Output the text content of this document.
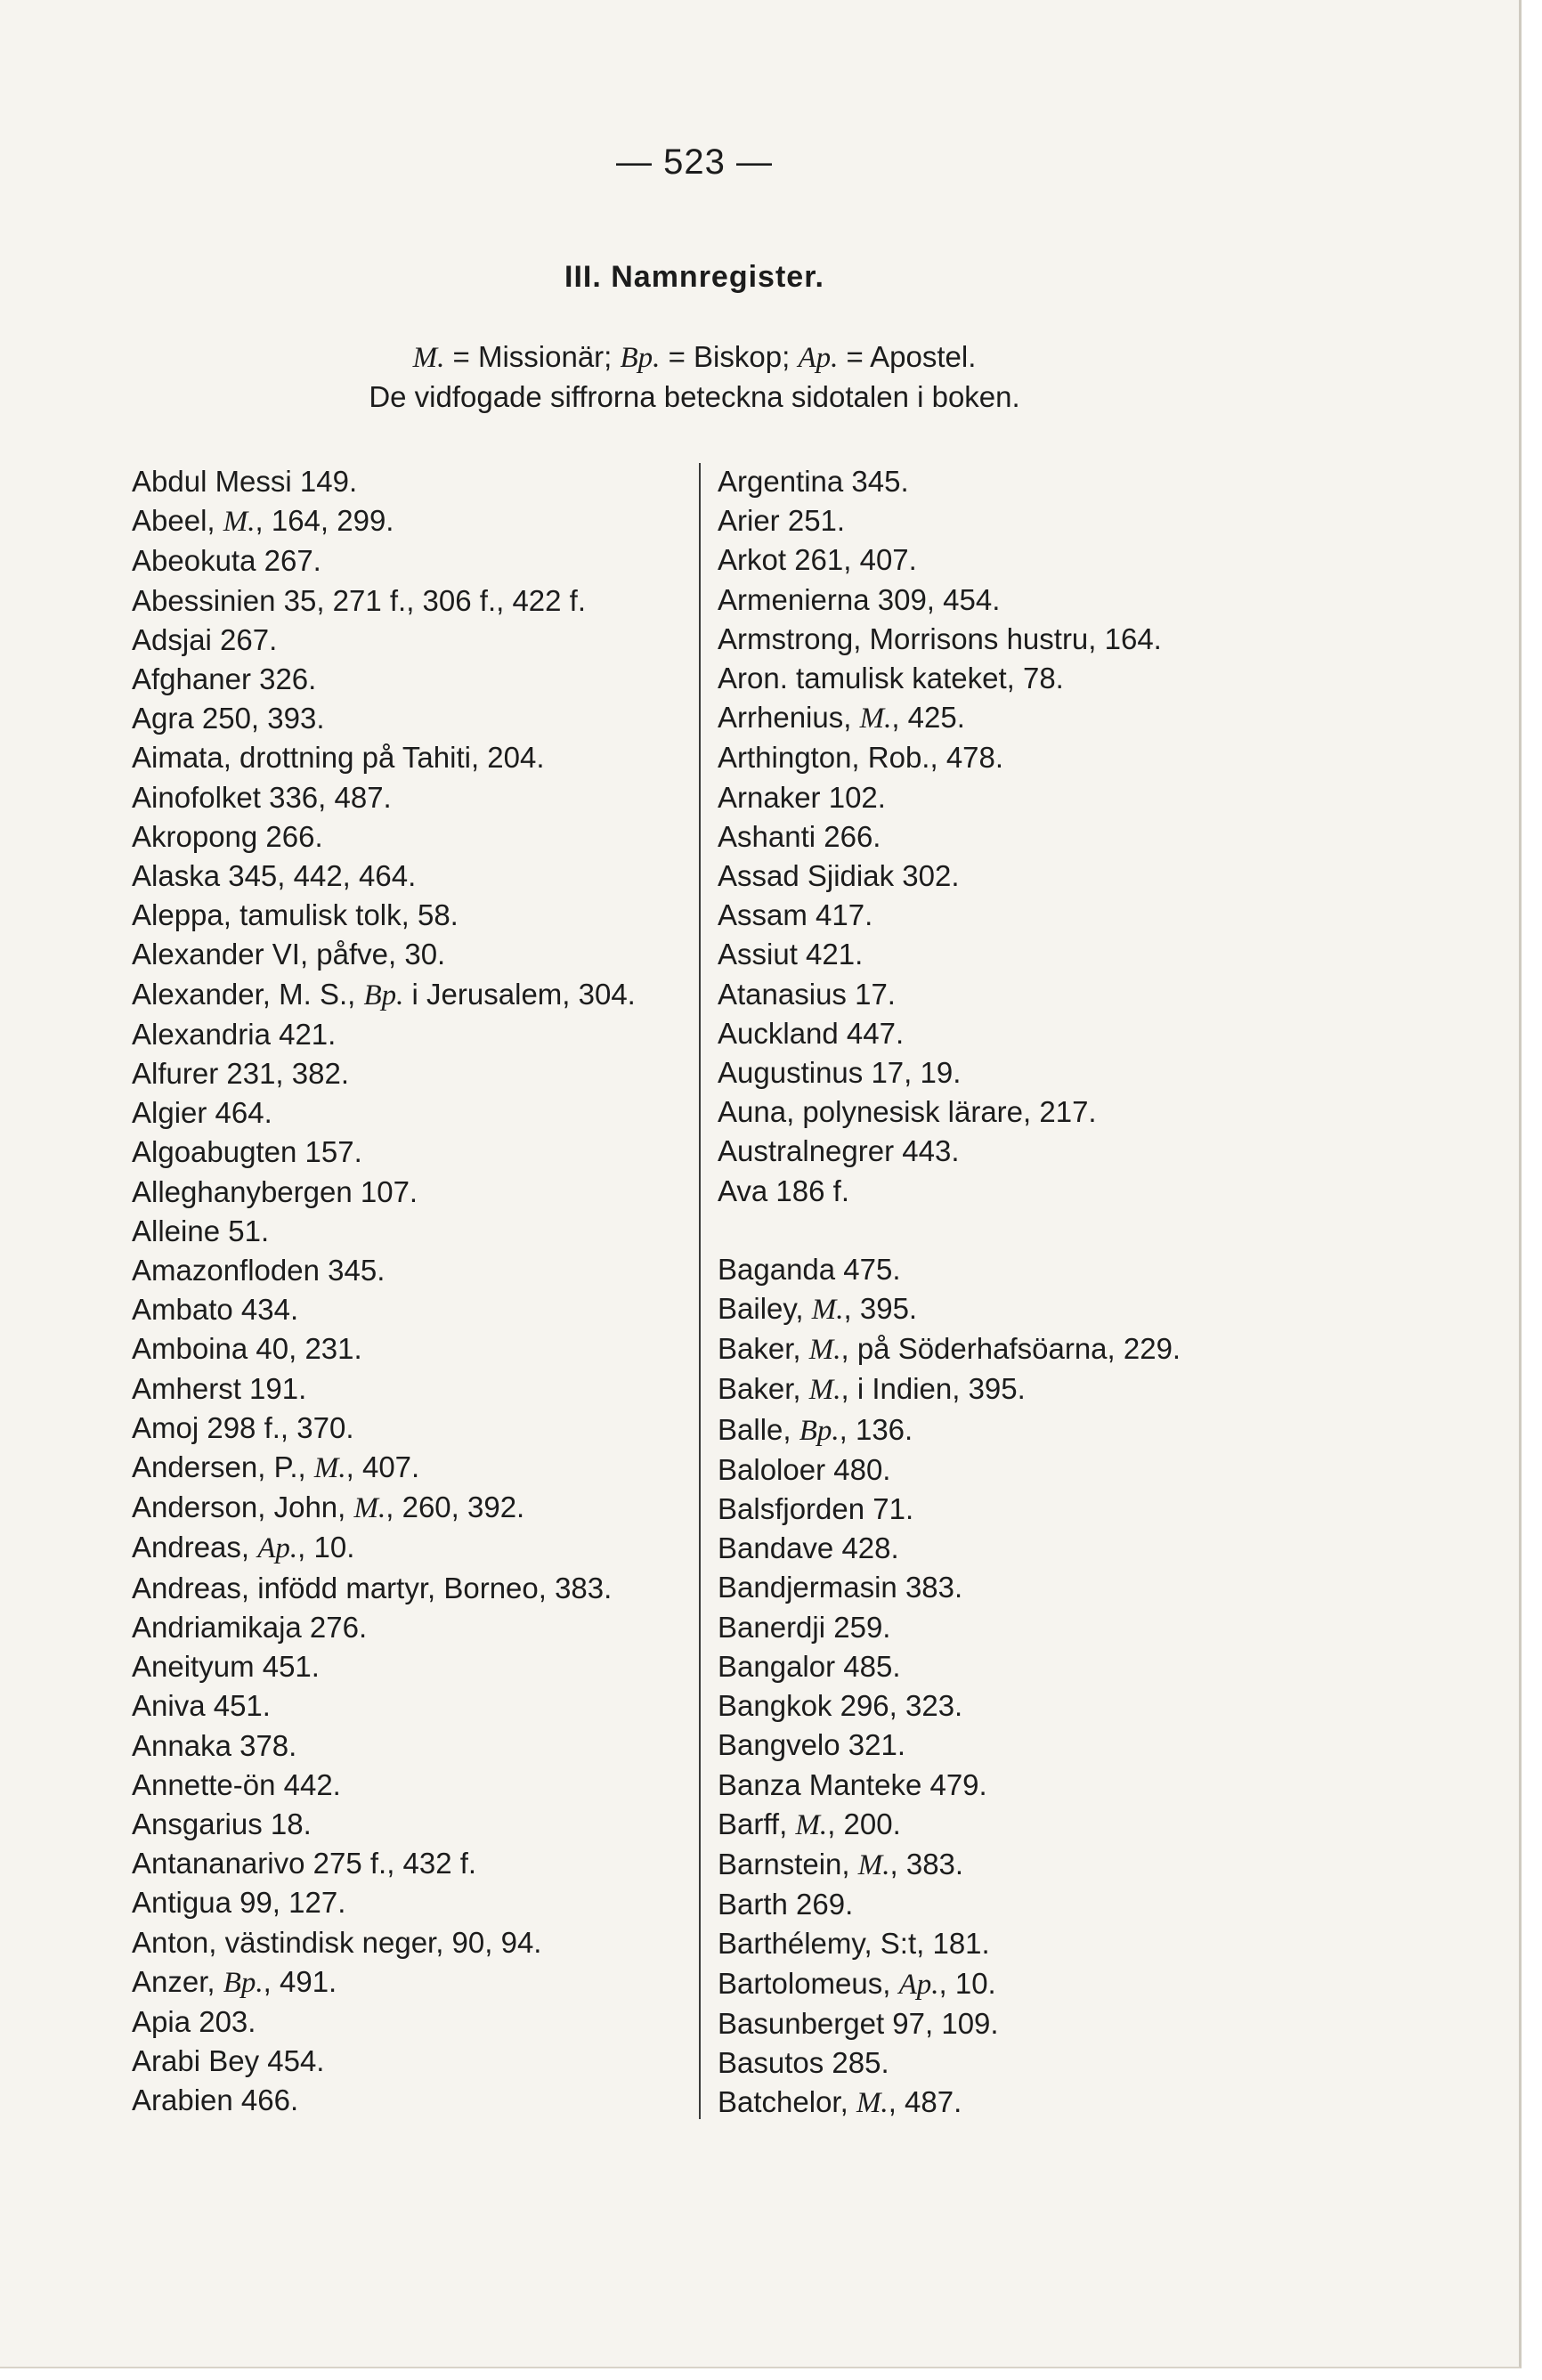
— 523 —
III. Namnregister.
M. = Missionär; Bp. = Biskop; Ap. = Apostel.
De vidfogade siffrorna beteckna sidotalen i boken.
Abdul Messi 149.
Abeel, M., 164, 299.
Abeokuta 267.
Abessinien 35, 271 f., 306 f., 422 f.
Adsjai 267.
Afghaner 326.
Agra 250, 393.
Aimata, drottning på Tahiti, 204.
Ainofolket 336, 487.
Akropong 266.
Alaska 345, 442, 464.
Aleppa, tamulisk tolk, 58.
Alexander VI, påfve, 30.
Alexander, M. S., Bp. i Jerusalem, 304.
Alexandria 421.
Alfurer 231, 382.
Algier 464.
Algoabugten 157.
Alleghanybergen 107.
Alleine 51.
Amazonfloden 345.
Ambato 434.
Amboina 40, 231.
Amherst 191.
Amoj 298 f., 370.
Andersen, P., M., 407.
Anderson, John, M., 260, 392.
Andreas, Ap., 10.
Andreas, infödd martyr, Borneo, 383.
Andriamikaja 276.
Aneityum 451.
Aniva 451.
Annaka 378.
Annette-ön 442.
Ansgarius 18.
Antananarivo 275 f., 432 f.
Antigua 99, 127.
Anton, västindisk neger, 90, 94.
Anzer, Bp., 491.
Apia 203.
Arabi Bey 454.
Arabien 466.
Argentina 345.
Arier 251.
Arkot 261, 407.
Armenierna 309, 454.
Armstrong, Morrisons hustru, 164.
Aron. tamulisk kateket, 78.
Arrhenius, M., 425.
Arthington, Rob., 478.
Arnaker 102.
Ashanti 266.
Assad Sjidiak 302.
Assam 417.
Assiut 421.
Atanasius 17.
Auckland 447.
Augustinus 17, 19.
Auna, polynesisk lärare, 217.
Australnegrer 443.
Ava 186 f.
Baganda 475.
Bailey, M., 395.
Baker, M., på Söderhafsöarna, 229.
Baker, M., i Indien, 395.
Balle, Bp., 136.
Baloloer 480.
Balsfjorden 71.
Bandave 428.
Bandjermasin 383.
Banerdji 259.
Bangalor 485.
Bangkok 296, 323.
Bangvelo 321.
Banza Manteke 479.
Barff, M., 200.
Barnstein, M., 383.
Barth 269.
Barthélemy, S:t, 181.
Bartolomeus, Ap., 10.
Basunberget 97, 109.
Basutos 285.
Batchelor, M., 487.
